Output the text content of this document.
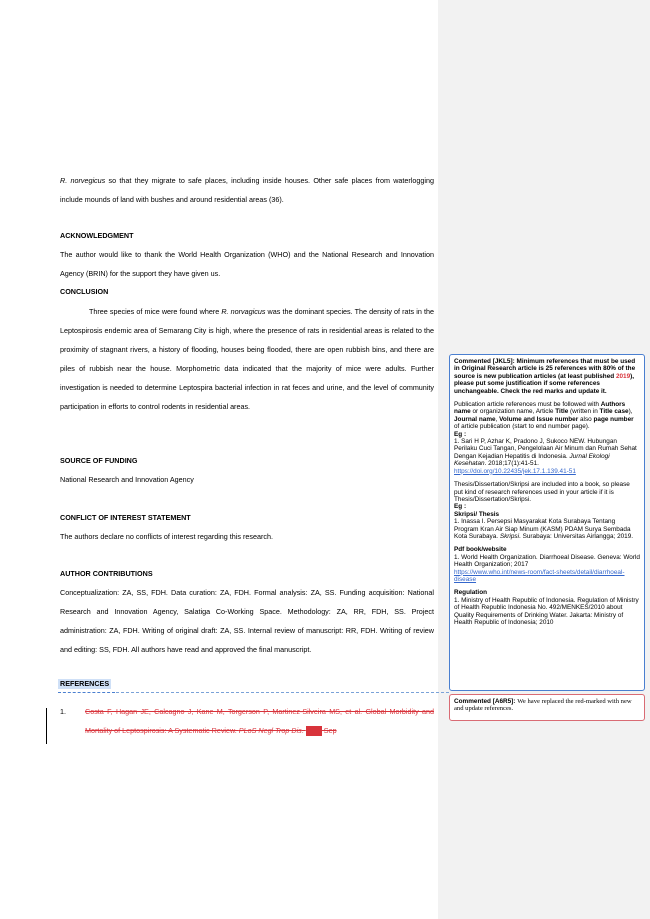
R. norvegicus so that they migrate to safe places, including inside houses. Other safe places from waterlogging include mounds of land with bushes and around residential areas (36).

ACKNOWLEDGMENT

The author would like to thank the World Health Organization (WHO) and the National Research and Innovation Agency (BRIN) for the support they have given us.

CONCLUSION

Three species of mice were found where R. norvagicus was the dominant species. The density of rats in the Leptospirosis endemic area of Semarang City is high, where the presence of rats in residential areas is related to the proximity of stagnant rivers, a history of flooding, houses being flooded, there are open rubbish bins, and there are piles of rubbish near the house. Morphometric data indicated that the majority of mice were adults. Further investigation is needed to determine Leptospira bacterial infection in rat feces and urine, and the level of community participation in efforts to control rodents in residential areas.

SOURCE OF FUNDING

National Research and Innovation Agency

CONFLICT OF INTEREST STATEMENT

The authors declare no conflicts of interest regarding this research.

AUTHOR CONTRIBUTIONS

Conceptualization: ZA, SS, FDH. Data curation: ZA, FDH. Formal analysis: ZA, SS. Funding acquisition: National Research and Innovation Agency, Salatiga Co-Working Space. Methodology: ZA, RR, FDH, SS. Project administration: ZA, FDH. Writing of original draft: ZA, SS. Internal review of manuscript: RR, FDH. Writing of review and editing: SS, FDH. All authors have read and approved the final manuscript.

REFERENCES
1.	Costa F, Hagan JE, Calcagno J, Kane M, Torgerson P, Martinez-Silveira MS, et al. Global Morbidity and Mortality of Leptospirosis: A Systematic Review. PLoS Negl Trop Dis.  Sep
Commented [JKL5]: Minimum references that must be used in Original Research article is 25 references with 80% of the source is new publication articles (at least published 2019), please put some justification if some references unchangeable. Check the red marks and update it.
Publication article references must be followed with Authors name or organization name, Article Title (written in Title case), Journal name, Volume and Issue number also page number of article publication (start to end number page).
Eg :
1. Sari H P, Azhar K, Pradono J, Sukoco NEW. Hubungan Perilaku Cuci Tangan, Pengelolaan Air Minum dan Rumah Sehat Dengan Kejadian Hepatitis di Indonesia. Jurnal Ekologi Kesehatan. 2018;17(1):41-51.
https://doi.org/10.22435/jek.17.1.139.41-51
Thesis/Dissertation/Skripsi are included into a book, so please put kind of research references used in your article if it is Thesis/Dissertation/Skripsi.
Eg :
Skripsi/ Thesis
1. Inassa I. Persepsi Masyarakat Kota Surabaya Tentang Program Kran Air Siap Minum (KASM) PDAM Surya Sembada Kota Surabaya. Skripsi. Surabaya: Universitas Airlangga; 2019.
Pdf book/website
1. World Health Organization. Diarrhoeal Disease. Geneva: World Health Organization; 2017
https://www.who.int/news-room/fact-sheets/detail/diarrhoeal-disease
Regulation
1. Ministry of Health Republic of Indonesia. Regulation of Ministry of Health Republic Indonesia No. 492/MENKES/2010 about Quality Requirements of Drinking Water. Jakarta: Ministry of Health Republic of Indonesia; 2010
Commented [A6R5]: We have replaced the red-marked with new and update references.
